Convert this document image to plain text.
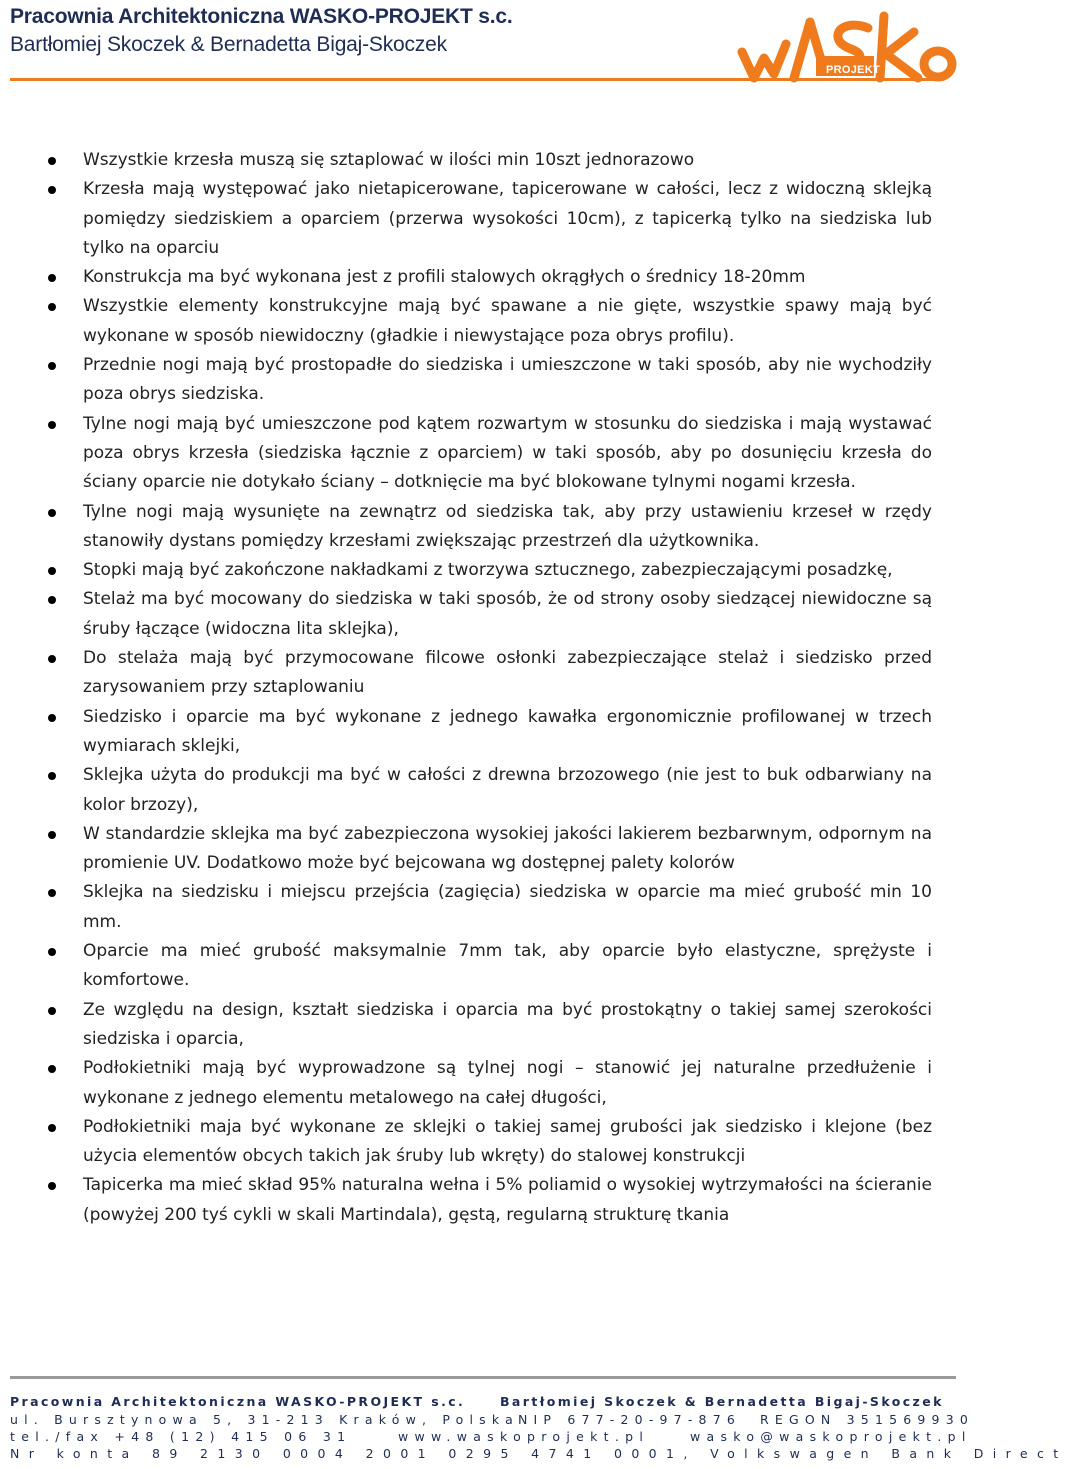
Pracownia Architektoniczna WASKO-PROJEKT s.c.
Bartłomiej Skoczek & Bernadetta Bigaj-Skoczek
PROJEKT
Wszystkie krzesła muszą się sztaplować w ilości min 10szt jednorazowo
Krzesła mają występować jako nietapicerowane, tapicerowane w całości, lecz z widoczną sklejką pomiędzy siedziskiem a oparciem (przerwa wysokości 10cm), z tapicerką tylko na siedziska lub tylko na oparciu
Konstrukcja ma być wykonana jest z profili stalowych okrągłych o średnicy 18-20mm
Wszystkie elementy konstrukcyjne mają być spawane a nie gięte, wszystkie spawy mają być wykonane w sposób niewidoczny (gładkie i niewystające poza obrys profilu).
Przednie nogi mają być prostopadłe do siedziska i umieszczone w taki sposób, aby nie wychodziły poza obrys siedziska.
Tylne nogi mają być umieszczone pod kątem rozwartym w stosunku do siedziska i mają wystawać poza obrys krzesła (siedziska łącznie z oparciem) w taki sposób, aby po dosunięciu krzesła do ściany oparcie nie dotykało ściany – dotknięcie ma być blokowane tylnymi nogami krzesła.
Tylne nogi mają wysunięte na zewnątrz od siedziska tak, aby przy ustawieniu krzeseł w rzędy stanowiły dystans pomiędzy krzesłami zwiększając przestrzeń dla użytkownika.
Stopki mają być zakończone nakładkami z tworzywa sztucznego, zabezpieczającymi posadzkę,
Stelaż ma być mocowany do siedziska w taki sposób, że od strony osoby siedzącej niewidoczne są śruby łączące (widoczna lita sklejka),
Do stelaża mają być przymocowane filcowe osłonki zabezpieczające stelaż i siedzisko przed zarysowaniem przy sztaplowaniu
Siedzisko i oparcie ma być wykonane z jednego kawałka ergonomicznie profilowanej w trzech wymiarach sklejki,
Sklejka użyta do produkcji ma być w całości z drewna brzozowego (nie jest to buk odbarwiany na kolor brzozy),
W standardzie sklejka ma być zabezpieczona wysokiej jakości lakierem bezbarwnym, odpornym na promienie UV. Dodatkowo może być bejcowana wg dostępnej palety kolorów
Sklejka na siedzisku i miejscu przejścia (zagięcia) siedziska w oparcie ma mieć grubość min 10 mm.
Oparcie ma mieć grubość maksymalnie 7mm tak, aby oparcie było elastyczne, sprężyste i komfortowe.
Ze względu na design, kształt siedziska i oparcia ma być prostokątny o takiej samej szerokości siedziska i oparcia,
Podłokietniki mają być wyprowadzone są tylnej nogi – stanowić jej naturalne przedłużenie i wykonane z jednego elementu metalowego na całej długości,
Podłokietniki maja być wykonane ze sklejki o takiej samej grubości jak siedzisko i klejone (bez użycia elementów obcych takich jak śruby lub wkręty) do stalowej konstrukcji
Tapicerka ma mieć skład 95% naturalna wełna i 5% poliamid o wysokiej wytrzymałości na ścieranie (powyżej 200 tyś cykli w skali Martindala), gęstą, regularną strukturę tkania
Pracownia Architektoniczna WASKO-PROJEKT s.c.	Bartłomiej Skoczek & Bernadetta Bigaj-Skoczek
ul. Bursztynowa 5, 31-213 Kraków, Polska NIP 677-20-97-876 REGON 351569930
tel./fax +48 (12) 415 06 31	www.waskoprojekt.pl	wasko@waskoprojekt.pl
Nr konta 89 2130 0004 2001 0295 4741 0001, Volkswagen Bank Direct
